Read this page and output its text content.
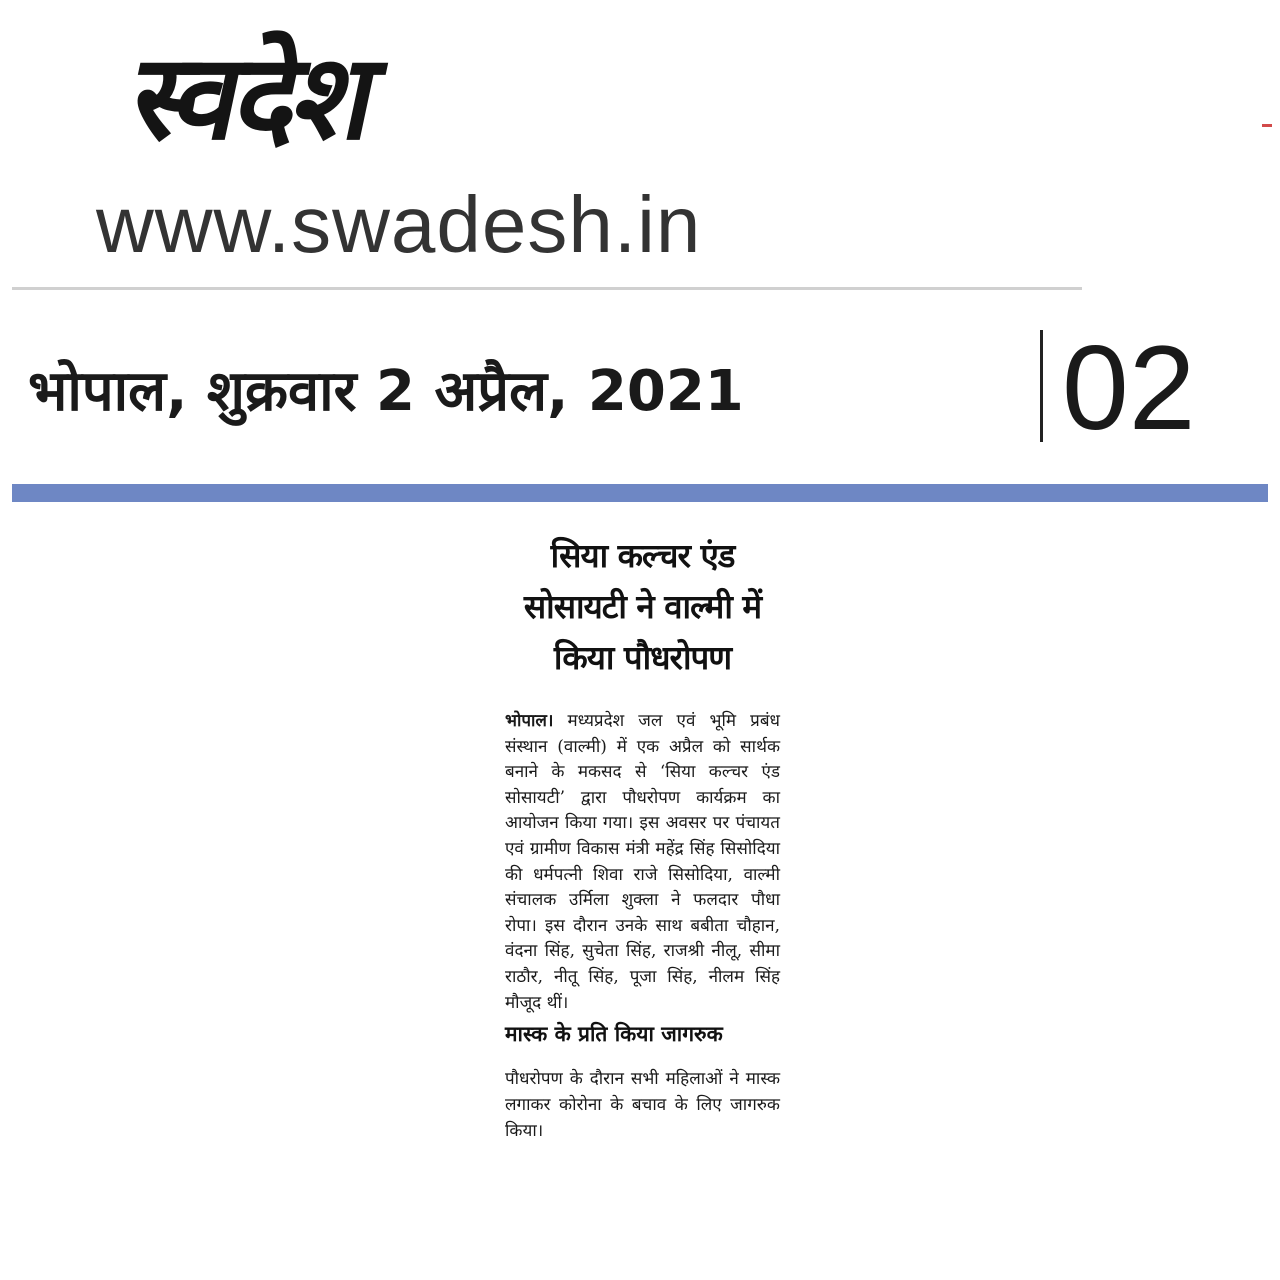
स्वदेश
www.swadesh.in
भोपाल, शुक्रवार 2 अप्रैल, 2021	02
सिया कल्चर एंड
सोसायटी ने वाल्मी में
किया पौधरोपण

भोपाल। मध्यप्रदेश जल एवं भूमि प्रबंध संस्थान (वाल्मी) में एक अप्रैल को सार्थक बनाने के मकसद से ‘सिया कल्चर एंड सोसायटी’ द्वारा पौधरोपण कार्यक्रम का आयोजन किया गया। इस अवसर पर पंचायत एवं ग्रामीण विकास मंत्री महेंद्र सिंह सिसोदिया की धर्मपत्नी शिवा राजे सिसोदिया, वाल्मी संचालक उर्मिला शुक्ला ने फलदार पौधा रोपा। इस दौरान उनके साथ बबीता चौहान, वंदना सिंह, सुचेता सिंह, राजश्री नीलू, सीमा राठौर, नीतू सिंह, पूजा सिंह, नीलम सिंह मौजूद थीं।

मास्क के प्रति किया जागरुक

पौधरोपण के दौरान सभी महिलाओं ने मास्क लगाकर कोरोना के बचाव के लिए जागरुक किया।
